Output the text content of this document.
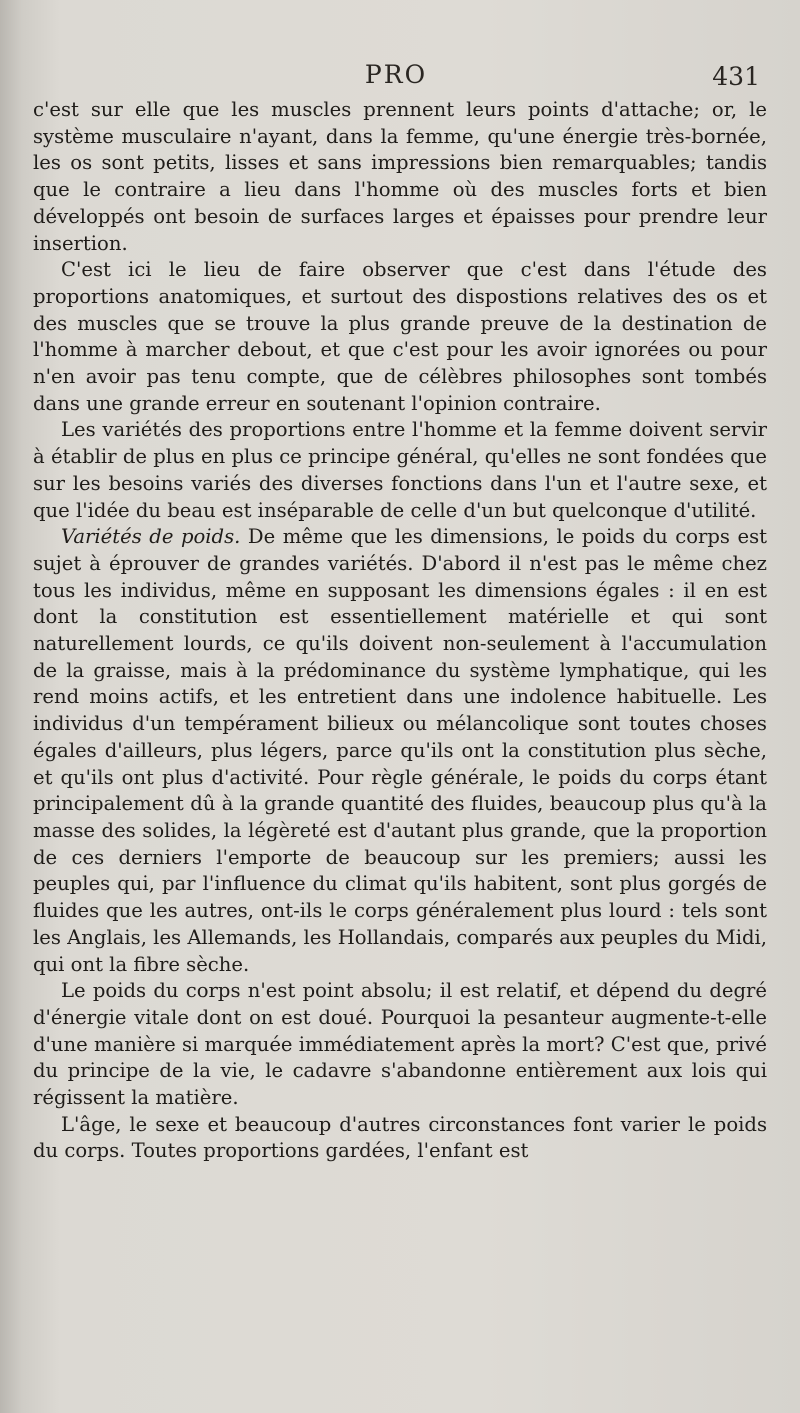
PRO	431

c'est sur elle que les muscles prennent leurs points d'attache; or, le système musculaire n'ayant, dans la femme, qu'une énergie très-bornée, les os sont petits, lisses et sans impressions bien remarquables; tandis que le contraire a lieu dans l'homme où des muscles forts et bien développés ont besoin de surfaces larges et épaisses pour prendre leur insertion.

C'est ici le lieu de faire observer que c'est dans l'étude des proportions anatomiques, et surtout des dispostions relatives des os et des muscles que se trouve la plus grande preuve de la destination de l'homme à marcher debout, et que c'est pour les avoir ignorées ou pour n'en avoir pas tenu compte, que de célèbres philosophes sont tombés dans une grande erreur en soutenant l'opinion contraire.

Les variétés des proportions entre l'homme et la femme doivent servir à établir de plus en plus ce principe général, qu'elles ne sont fondées que sur les besoins variés des diverses fonctions dans l'un et l'autre sexe, et que l'idée du beau est inséparable de celle d'un but quelconque d'utilité.

Variétés de poids. De même que les dimensions, le poids du corps est sujet à éprouver de grandes variétés. D'abord il n'est pas le même chez tous les individus, même en supposant les dimensions égales : il en est dont la constitution est essentiellement matérielle et qui sont naturellement lourds, ce qu'ils doivent non-seulement à l'accumulation de la graisse, mais à la prédominance du système lymphatique, qui les rend moins actifs, et les entretient dans une indolence habituelle. Les individus d'un tempérament bilieux ou mélancolique sont toutes choses égales d'ailleurs, plus légers, parce qu'ils ont la constitution plus sèche, et qu'ils ont plus d'activité. Pour règle générale, le poids du corps étant principalement dû à la grande quantité des fluides, beaucoup plus qu'à la masse des solides, la légèreté est d'autant plus grande, que la proportion de ces derniers l'emporte de beaucoup sur les premiers; aussi les peuples qui, par l'influence du climat qu'ils habitent, sont plus gorgés de fluides que les autres, ont-ils le corps généralement plus lourd : tels sont les Anglais, les Allemands, les Hollandais, comparés aux peuples du Midi, qui ont la fibre sèche.

Le poids du corps n'est point absolu; il est relatif, et dépend du degré d'énergie vitale dont on est doué. Pourquoi la pesanteur augmente-t-elle d'une manière si marquée immédiatement après la mort? C'est que, privé du principe de la vie, le cadavre s'abandonne entièrement aux lois qui régissent la matière.

L'âge, le sexe et beaucoup d'autres circonstances font varier le poids du corps. Toutes proportions gardées, l'enfant est
